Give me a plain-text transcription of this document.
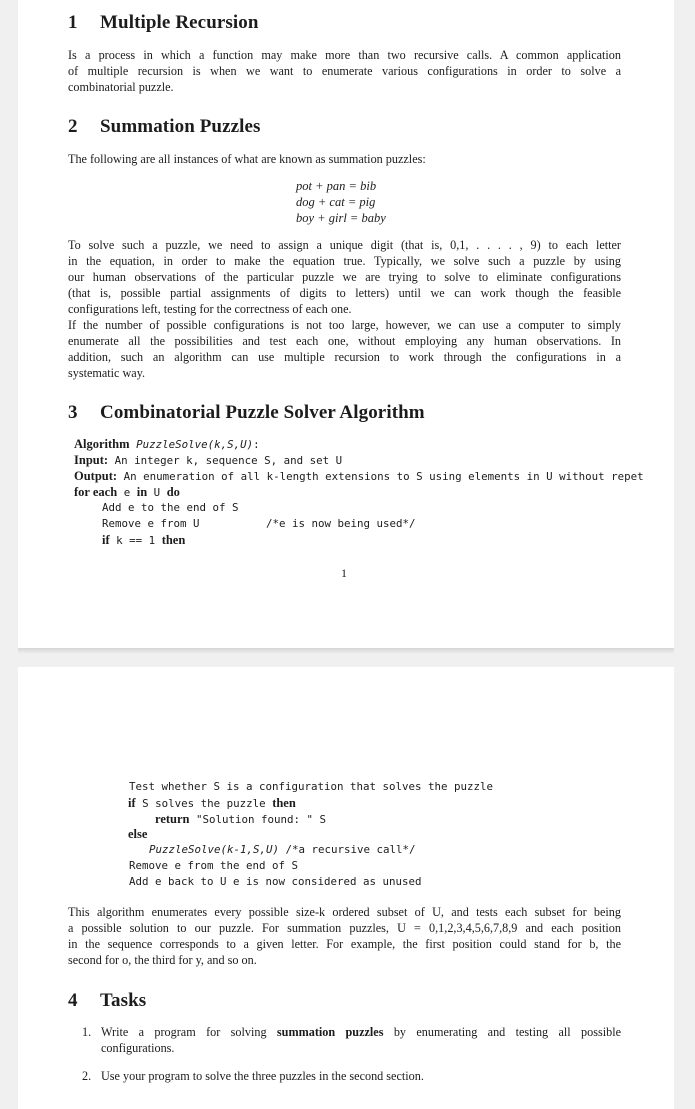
1 Multiple Recursion
Is a process in which a function may make more than two recursive calls. A common application
of multiple recursion is when we want to enumerate various configurations in order to solve a
combinatorial puzzle.
2 Summation Puzzles
The following are all instances of what are known as summation puzzles:
pot + pan = bib
dog + cat = pig
boy + girl = baby
To solve such a puzzle, we need to assign a unique digit (that is, 0,1, . . . . , 9) to each letter
in the equation, in order to make the equation true. Typically, we solve such a puzzle by using
our human observations of the particular puzzle we are trying to solve to eliminate configurations
(that is, possible partial assignments of digits to letters) until we can work though the feasible
configurations left, testing for the correctness of each one.
If the number of possible configurations is not too large, however, we can use a computer to simply
enumerate all the possibilities and test each one, without employing any human observations. In
addition, such an algorithm can use multiple recursion to work through the configurations in a
systematic way.
3 Combinatorial Puzzle Solver Algorithm
Algorithm PuzzleSolve(k,S,U):
Input: An integer k, sequence S, and set U
Output: An enumeration of all k-length extensions to S using elements in U without repet
for each e in U do
Add e to the end of S
Remove e from U	/*e is now being used*/
if k == 1 then
1
Test whether S is a configuration that solves the puzzle
if S solves the puzzle then
return "Solution found: " S
else
PuzzleSolve(k-1,S,U) /*a recursive call*/
Remove e from the end of S
Add e back to U e is now considered as unused
This algorithm enumerates every possible size-k ordered subset of U, and tests each subset for being
a possible solution to our puzzle. For summation puzzles, U = 0,1,2,3,4,5,6,7,8,9 and each position
in the sequence corresponds to a given letter. For example, the first position could stand for b, the
second for o, the third for y, and so on.
4 Tasks
1. Write a program for solving summation puzzles by enumerating and testing all possible
configurations.
2. Use your program to solve the three puzzles in the second section.
